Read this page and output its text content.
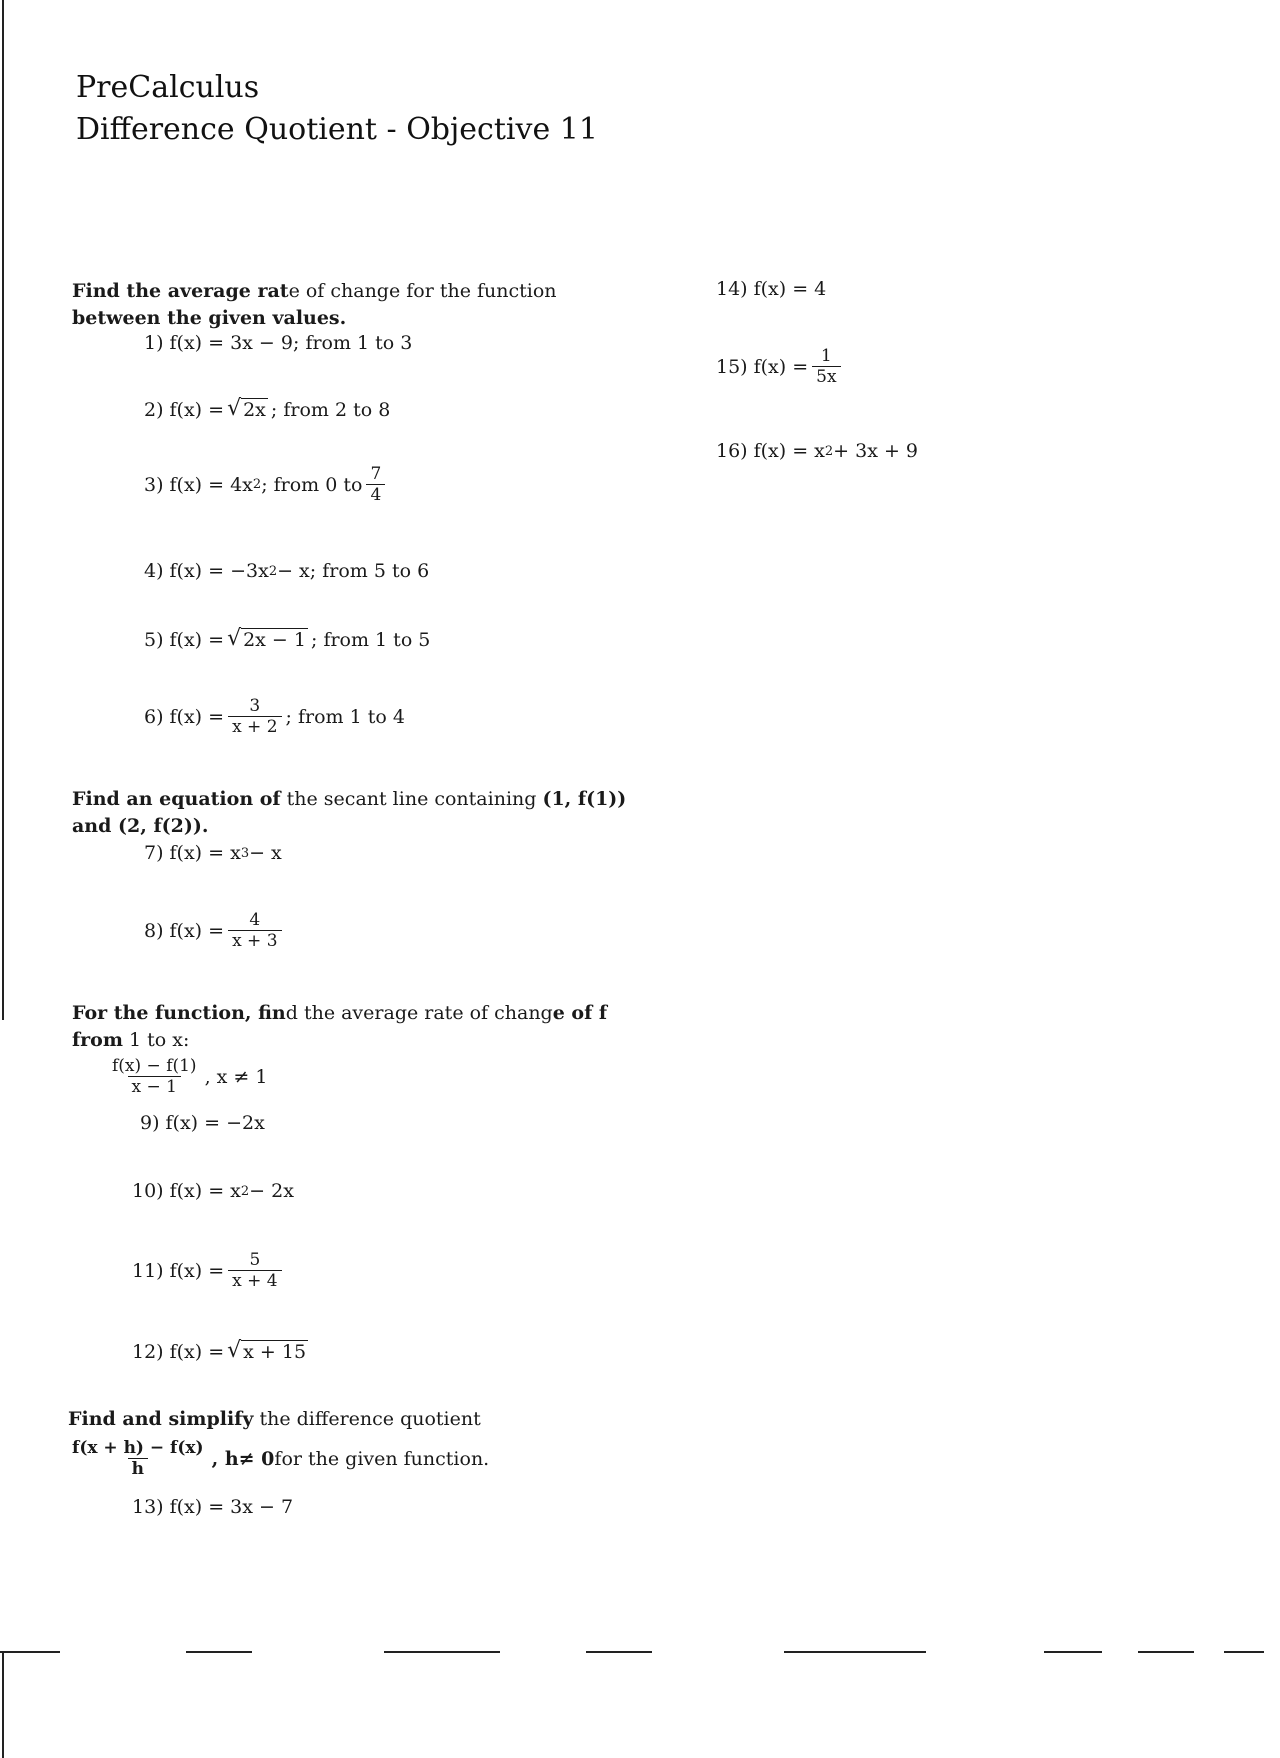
PreCalculus
Difference Quotient - Objective 11
Find the average rate of change for the function between the given values.
1) f(x) = 3x − 9;
from 1 to 3
2) f(x) = √ 2x ; from 2 to 8
3) f(x) = 4x 2 ; from 0 to $\frac{7}{4}$
4) f(x) = −3x 2 − x;
from 5 to 6
5) f(x) = √ 2x − 1 ; from 1 to 5
6) $f(x) = \frac{3}{x + 2}$ ; from 1 to 4
Find an equation of the secant line containing (1, f(1)) and (2, f(2)).
7) f(x) = x 3 − x
8) $f(x) = \frac{4}{x + 3}$
For the function, find the average rate of change of f from 1 to x:
$\frac{f(x) - f(1)}{x - 1}$ , x ≠ 1
9) f(x) = −2x
10) f(x) = x 2 − 2x
11) $f(x) = \frac{5}{x + 4}$
12) f(x) = √ x + 15
Find and simplify the difference quotient
$\frac{f(x + h) - f(x)}{h}$ , h≠ 0 for the given function.
13) f(x) = 3x − 7
14) f(x) = 4
15) $f(x) = \frac{1}{5x}$
16) f(x) = x 2 + 3x + 9
